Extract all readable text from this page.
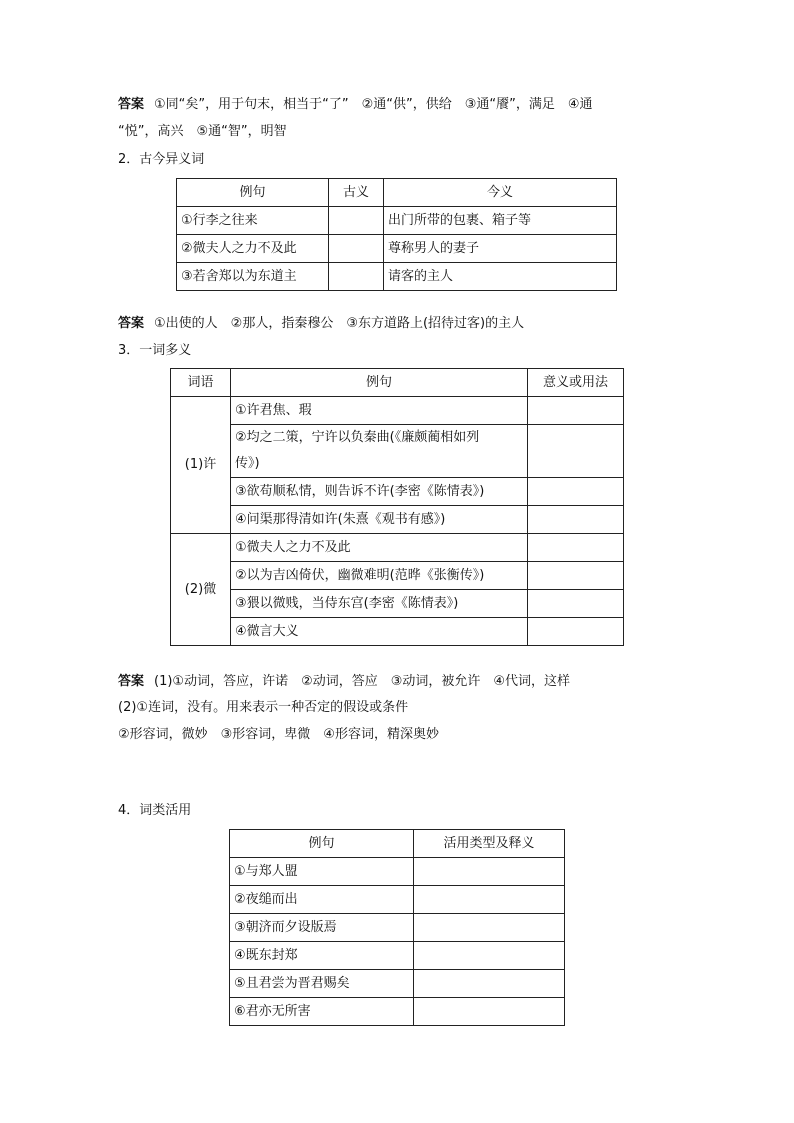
答案 ①同“矣”，用于句末，相当于“了”　②通“供”，供给　③通“餍”，满足　④通
“悦”，高兴　⑤通“智”，明智
2．古今异义词
例句	古义	今义
①行李之往来		出门所带的包裹、箱子等
②微夫人之力不及此		尊称男人的妻子
③若舍郑以为东道主		请客的主人
答案 ①出使的人　②那人，指秦穆公　③东方道路上(招待过客)的主人
3．一词多义
词语	例句	意义或用法
(1)许	①许君焦、瑕	
	②均之二策，宁许以负秦曲(《廉颇蔺相如列	
	传》)	
	③欲苟顺私情，则告诉不许(李密《陈情表》)	
	④问渠那得清如许(朱熹《观书有感》)	
(2)微	①微夫人之力不及此	
	②以为吉凶倚伏，幽微难明(范晔《张衡传》)	
	③猥以微贱，当侍东宫(李密《陈情表》)	
	④微言大义	
答案 (1)①动词，答应，许诺　②动词，答应　③动词，被允许　④代词，这样
(2)①连词，没有。用来表示一种否定的假设或条件
②形容词，微妙　③形容词，卑微　④形容词，精深奥妙
4．词类活用
例句	活用类型及释义
①与郑人盟	
②夜缒而出	
③朝济而夕设版焉	
④既东封郑	
⑤且君尝为晋君赐矣	
⑥君亦无所害	
